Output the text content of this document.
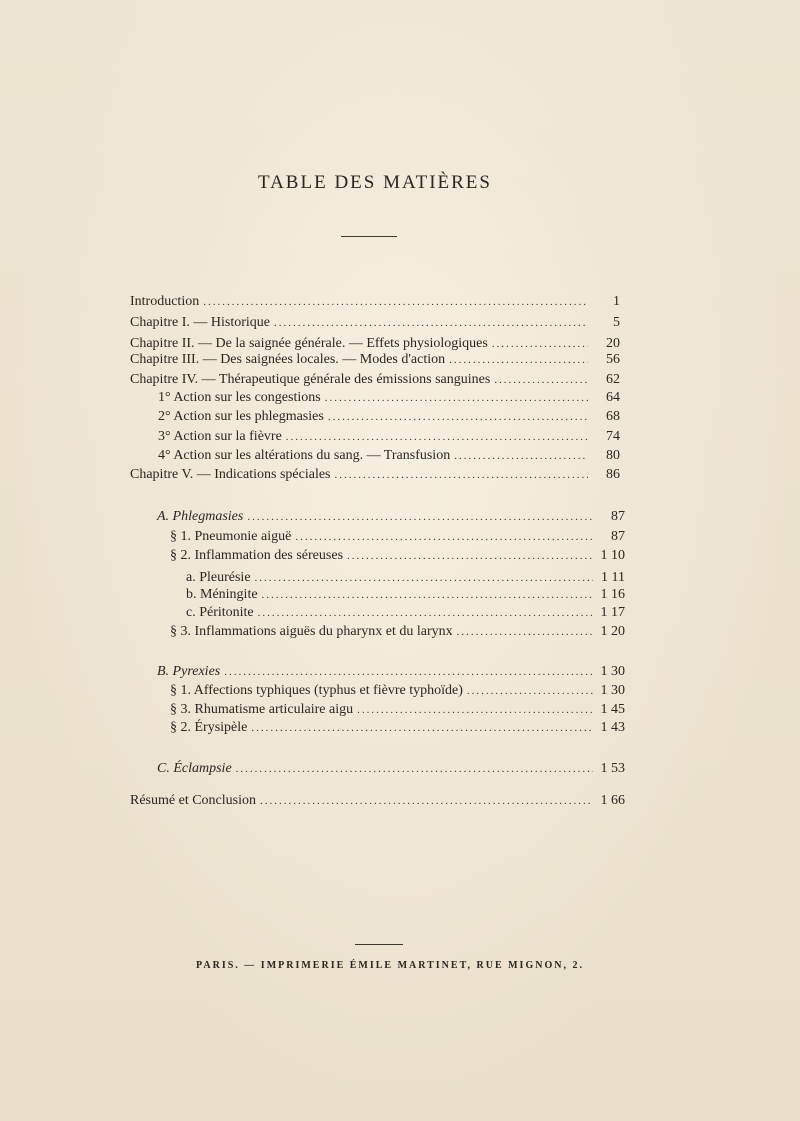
TABLE DES MATIÈRES
Introduction .....	1
Chapitre I. — Historique .....	5
Chapitre II. — De la saignée générale. — Effets physiologiques .....	20
Chapitre III. — Des saignées locales. — Modes d'action .....	56
Chapitre IV. — Thérapeutique générale des émissions sanguines .....	62
1° Action sur les congestions .....	64
2° Action sur les phlegmasies .....	68
3° Action sur la fièvre .....	74
4° Action sur les altérations du sang. — Transfusion .....	80
Chapitre V. — Indications spéciales .....	86
A. Phlegmasies .....	87
§ 1. Pneumonie aiguë .....	87
§ 2. Inflammation des séreuses .....	1 10
a. Pleurésie .....	1 11
b. Méningite .....	1 16
c. Péritonite .....	1 17
§ 3. Inflammations aiguës du pharynx et du larynx .....	1 20
B. Pyrexies .....	1 30
§ 1. Affections typhiques (typhus et fièvre typhoïde) .....	1 30
§ 3. Rhumatisme articulaire aigu .....	1 45
§ 2. Érysipèle .....	1 43
C. Éclampsie .....	1 53
Résumé et Conclusion .....	1 66
PARIS. — IMPRIMERIE ÉMILE MARTINET, RUE MIGNON, 2.
